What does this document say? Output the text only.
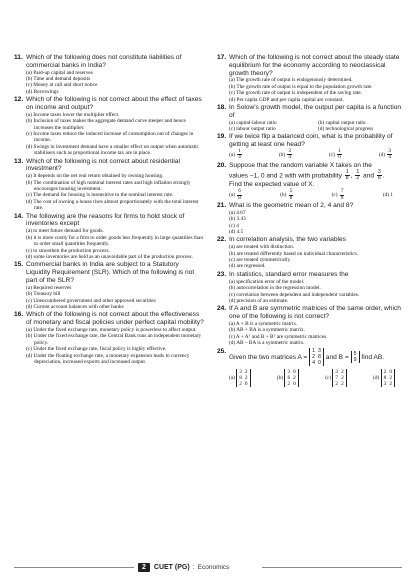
11. Which of the following does not constitute liabilities of commercial banks in India?
(a) Paid-up capital and reserves
(b) Time and demand deposits
(c) Money at call and short notice
(d) Borrowings
12. Which of the following is not correct about the effect of taxes on income and output?
(a) Income taxes lower the multiplier effect.
(b) Inclusion of taxes makes the aggregate demand curve steeper and hence increases the multiplier.
(c) Income taxes reduce the induced increase of consumption out of changes in income.
(d) Swings in investment demand have a smaller effect on output when automatic stabilisers such as proportional income tax are in place.
13. Which of the following is not correct about residential investment?
(a) It depends on the net real return obtained by owning housing.
(b) The combination of high nominal interest rates and high inflation strongly encourages housing investment.
(c) The demand for housing is insensitive to the nominal interest rate.
(d) The cost of owning a house rises almost proportionately with the total interest rate.
14. The following are the reasons for firms to hold stock of inventories except
(a) to meet future demand for goods.
(b) it is more costly for a firm to order goods less frequently in large quantities than to order small quantities frequently.
(c) to smoothen the production process.
(d) some inventories are held as an unavoidable part of the production process.
15. Commercial banks in India are subject to a Statutory Liquidity Requirement (SLR). Which of the following is not part of the SLR?
(a) Required reserves
(b) Treasury bill
(c) Unencumbered government and other approved securities
(d) Current account balances with other banks
16. Which of the following is not correct about the effectiveness of monetary and fiscal policies under perfect capital mobility?
(a) Under the fixed exchange rate, monetary policy is powerless to affect output.
(b) Under the fixed exchange rate, the Central Bank runs an independent monetary policy.
(c) Under the fixed exchange rate, fiscal policy is highly effective.
(d) Under the floating exchange rate, a monetary expansion leads to currency depreciation, increased exports and increased output.
17. Which of the following is not correct about the steady state equilibrium for the economy according to neoclassical growth theory?
(a) The growth rate of output is endogenously determined.
(b) The growth rate of output is equal to the population growth rate.
(c) The growth rate of output is independent of the saving rate.
(d) Per capita GDP and per capita capital are constant.
18. In Solow's growth model, the output per capita is a function of
(a) capital-labour ratio	(b) capital output ratio
(c) labour output ratio	(d) technological progress
19. If we twice flip a balanced coin, what is the probability of getting at least one head?
$(a) \frac{1}{4}$	$(b) \frac{3}{4}$	$(c) \frac{1}{6}$	$(d) \frac{3}{4}$
20. Suppose that the random variable X takes on the
values –1, 0 and 2 with with probability $\frac{1}{8}$ , $\frac{1}{2}$ and $\frac{3}{8}$ .
Find the expected value of X.
$(a) \frac{6}{8}$	$(b) \frac{5}{8}$	$(c) \frac{7}{8}$	(d) 1
21. What is the geometric mean of 2, 4 and 8?
(a) 4.67
(b) 3.43
(c) 4
(d) 4.5
22. In correlation analysis, the two variables
(a) are treated with distinction.
(b) are treated differently based on individual characteristics.
(c) are treated symmetrically.
(d) are regressed.
23. In statistics, standard error measures the
(a) specification error of the model.
(b) autocorrelation in the regression model.
(c) correlation between dependent and independent variables.
(d) precision of an estimate.
24. If A and B are symmetric matrices of the same order, which one of the following is not correct?
(a) A + B is a symmetric matrix.
(b) AB + BA is a symmetric matrix.
(c) A + Aᵀ and B + Bᵀ are symmetric matrices.
(d) AB – BA is a symmetric matrix.
25.
Given the two matrices A =
1 3
2 8
4 0
and B = 5
9 find AB.
(a)
3 2
8 2
2 0
(b)
3 0
6 2
2 0
(c)
3 2
7 2
2 2
(d)
2 0
8 2
3 2
2	CUET (PG) : Economics
